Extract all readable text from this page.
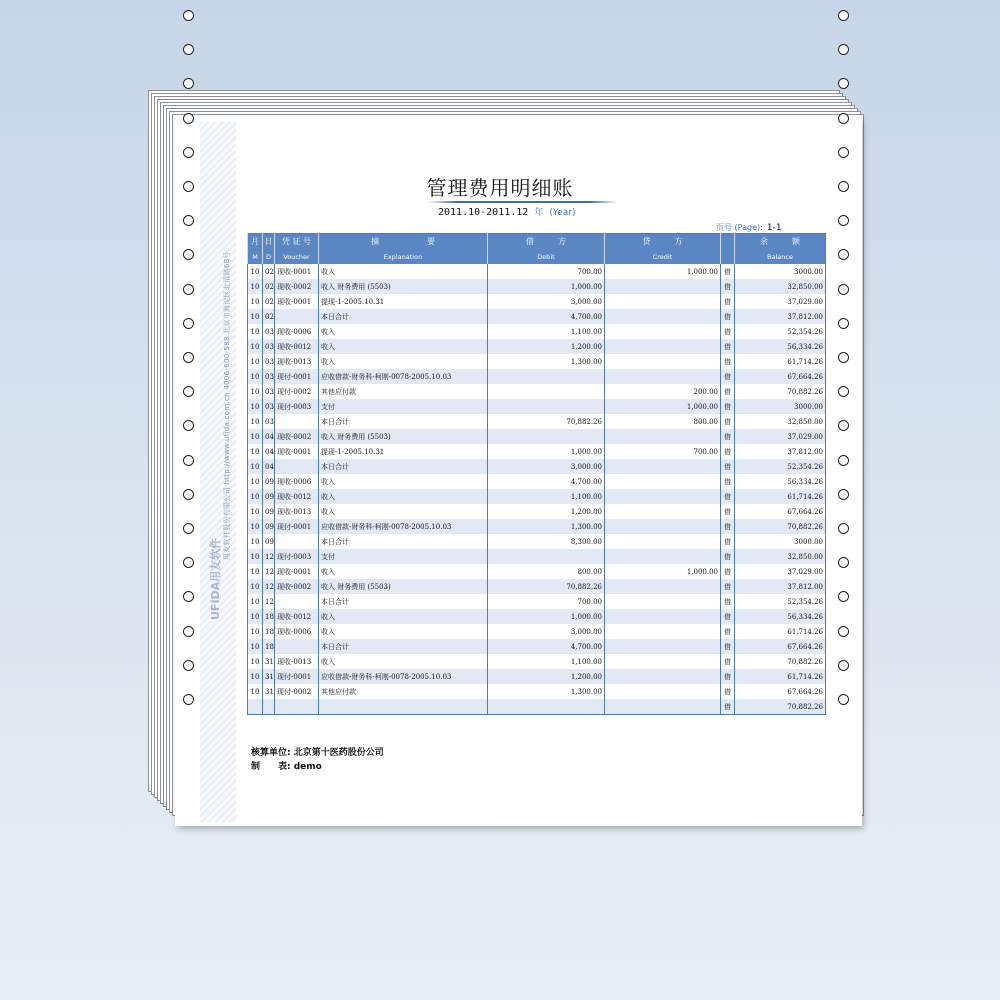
UFIDA用友软件
用友软件股份有限公司 http://www.ufida.com.cn 4006-600-588 北京市海淀区北清路68号
管理费用明细账
2011.10-2011.12 年 (Year)
页号 (Page): 1-1
月	日	凭 证 号	摘　　　　　　 要	借　　　 方	贷　　　 方		余　　　 额
M	D	Voucher	Explanation	Debit	Credit		Balance
10	02	现收-0001	收入	700.00	1,000.00	借	3000.00
10	02	现收-0002	收入 财务费用 (5503)	1,000.00		借	32,850.00
10	02	现收-0001	提现-1-2005.10.31	3,000.00		借	37,029.00
10	02		本日合计	4,700.00		借	37,812.00
10	03	现收-0006	收入	1,100.00		借	52,354.26
10	03	现收-0012	收入	1,200.00		借	56,334.26
10	03	现收-0013	收入	1,300.00		借	61,714.26
10	03	现付-0001	应收借款-财务科-柯刚-0078-2005.10.03			借	67,664.26
10	03	现付-0002	其他应付款		200.00	借	70,882.26
10	03	现付-0003	支付		1,000.00	借	3000.00
10	03		本日合计	70,882.26	800.00	借	32,850.00
10	04	现收-0002	收入 财务费用 (5503)			借	37,029.00
10	04	现收-0001	提现-1-2005.10.31	1,000.00	700.00	借	37,812.00
10	04		本日合计	3,000.00		借	52,354.26
10	09	现收-0006	收入	4,700.00		借	56,334.26
10	09	现收-0012	收入	1,100.00		借	61,714.26
10	09	现收-0013	收入	1,200.00		借	67,664.26
10	09	现付-0001	应收借款-财务科-柯刚-0078-2005.10.03	1,300.00		借	70,882.26
10	09		本日合计	8,300.00		借	3000.00
10	12	现付-0003	支付			借	32,850.00
10	12	现收-0001	收入	800.00	1,000.00	借	37,029.00
10	12	现收-0002	收入 财务费用 (5503)	70,882.26		借	37,812.00
10	12		本日合计	700.00		借	52,354.26
10	18	现收-0012	收入	1,000.00		借	56,334.26
10	18	现收-0006	收入	3,000.00		借	61,714.26
10	18		本日合计	4,700.00		借	67,664.26
10	31	现收-0013	收入	1,100.00		借	70,882.26
10	31	现付-0001	应收借款-财务科-柯刚-0078-2005.10.03	1,200.00		借	61,714.26
10	31	现付-0002	其他应付款	1,300.00		借	67,664.26
						借	70,882.26
核算单位: 北京第十医药股份公司
制　　表: demo
